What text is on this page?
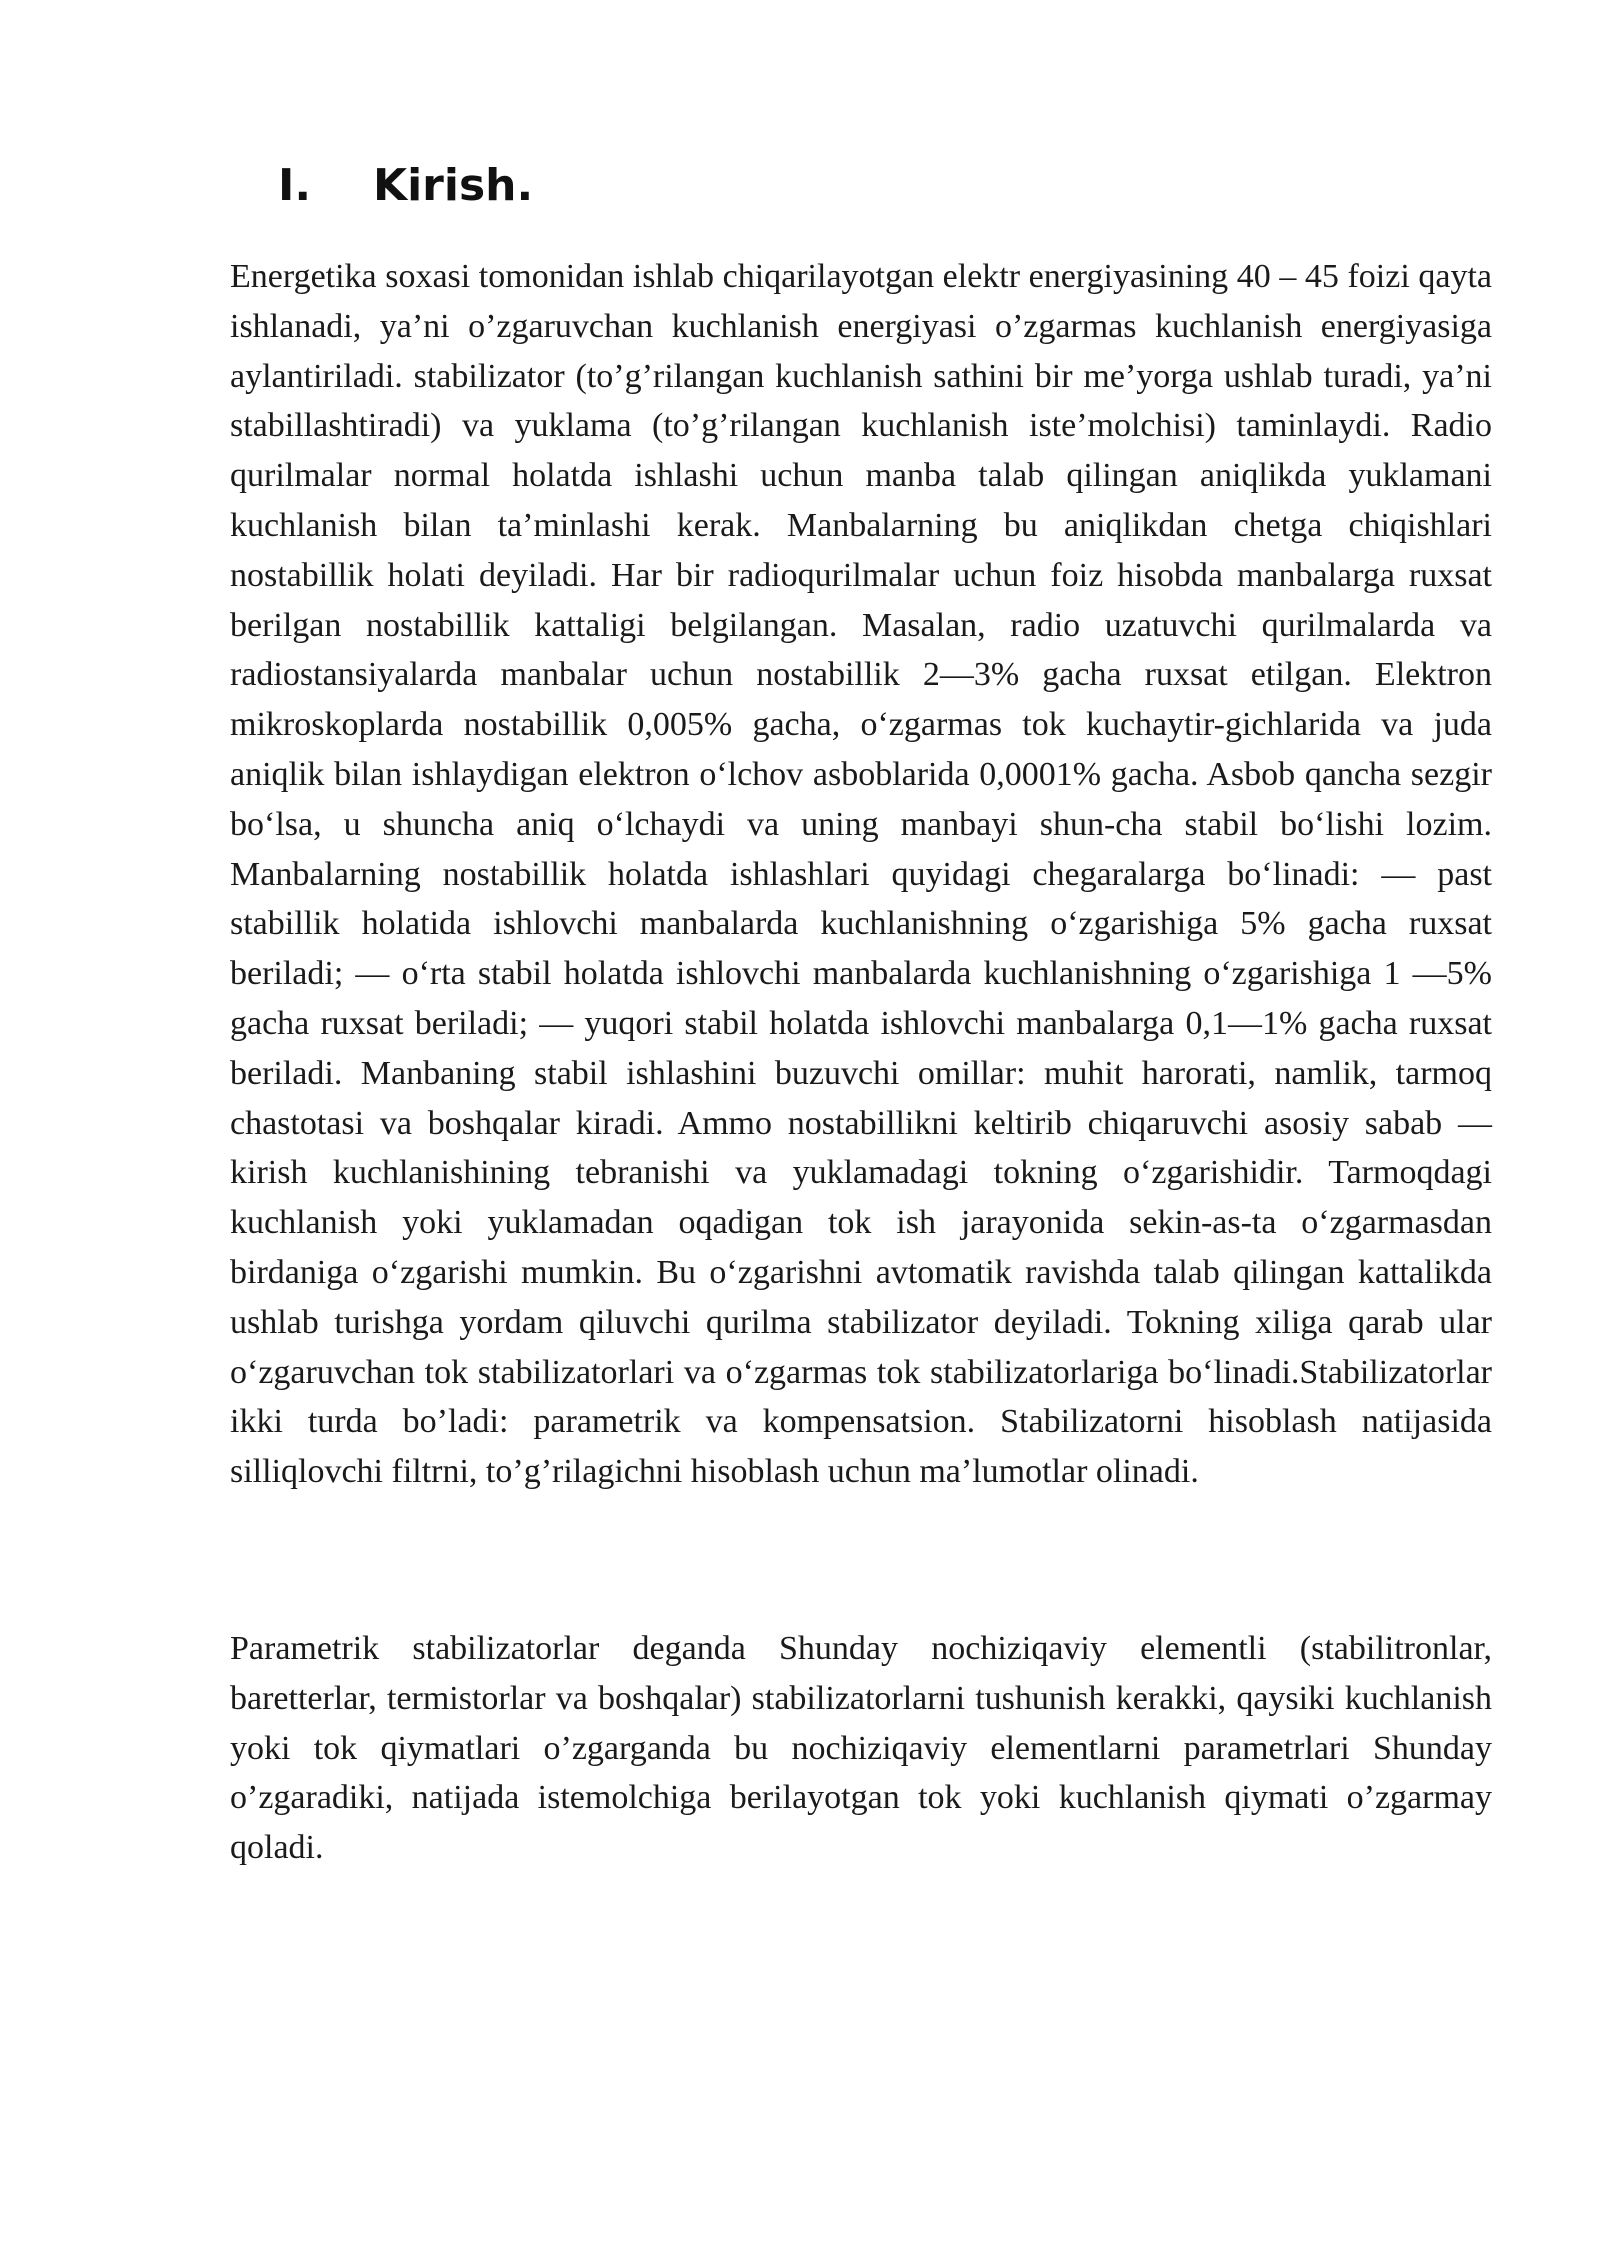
I. Kirish.

Energetika soxasi tomonidan ishlab chiqarilayotgan elektr energiyasining 40 – 45 foizi qayta ishlanadi, ya’ni o’zgaruvchan kuchlanish energiyasi o’zgarmas kuchlanish energiyasiga aylantiriladi. stabilizator (to’g’rilangan kuchlanish sathini bir me’yorga ushlab turadi, ya’ni stabillashtiradi) va yuklama (to’g’rilangan kuchlanish iste’molchisi) taminlaydi. Radio qurilmalar normal holatda ishlashi uchun manba talab qilingan aniqlikda yuklamani kuchlanish bilan ta’minlashi kerak. Manbalarning bu aniqlikdan chetga chiqishlari nostabillik holati deyiladi. Har bir radioqurilmalar uchun foiz hisobda manbalarga ruxsat berilgan nostabillik kattaligi belgilangan. Masalan, radio uzatuvchi qurilmalarda va radiostansiyalarda manbalar uchun nostabillik 2—3% gacha ruxsat etilgan. Elektron mikroskoplarda nostabillik 0,005% gacha, o‘zgarmas tok kuchaytir-gichlarida va juda aniqlik bilan ishlaydigan elektron o‘lchov asboblarida 0,0001% gacha. Asbob qancha sezgir bo‘lsa, u shuncha aniq o‘lchaydi va uning manbayi shun-cha stabil bo‘lishi lozim. Manbalarning nostabillik holatda ishlashlari quyidagi chegaralarga bo‘linadi: — past stabillik holatida ishlovchi manbalarda kuchlanishning o‘zgarishiga 5% gacha ruxsat beriladi; — o‘rta stabil holatda ishlovchi manbalarda kuchlanishning o‘zgarishiga 1 —5% gacha ruxsat beriladi; — yuqori stabil holatda ishlovchi manbalarga 0,1—1% gacha ruxsat beriladi. Manbaning stabil ishlashini buzuvchi omillar: muhit harorati, namlik, tarmoq chastotasi va boshqalar kiradi. Ammo nostabillikni keltirib chiqaruvchi asosiy sabab — kirish kuchlanishining tebranishi va yuklamadagi tokning o‘zgarishidir. Tarmoqdagi kuchlanish yoki yuklamadan oqadigan tok ish jarayonida sekin-as-ta o‘zgarmasdan birdaniga o‘zgarishi mumkin. Bu o‘zgarishni avtomatik ravishda talab qilingan kattalikda ushlab turishga yordam qiluvchi qurilma stabilizator deyiladi. Tokning xiliga qarab ular o‘zgaruvchan tok stabilizatorlari va o‘zgarmas tok stabilizatorlariga bo‘linadi.Stabilizatorlar ikki turda bo’ladi: parametrik va kompensatsion. Stabilizatorni hisoblash natijasida silliqlovchi filtrni, to’g’rilagichni hisoblash uchun ma’lumotlar olinadi.

Parametrik stabilizatorlar deganda Shunday nochiziqaviy elementli (stabilitronlar, baretterlar, termistorlar va boshqalar) stabilizatorlarni tushunish kerakki, qaysiki kuchlanish yoki tok qiymatlari o’zgarganda bu nochiziqaviy elementlarni parametrlari Shunday o’zgaradiki, natijada istemolchiga berilayotgan tok yoki kuchlanish qiymati o’zgarmay qoladi.
